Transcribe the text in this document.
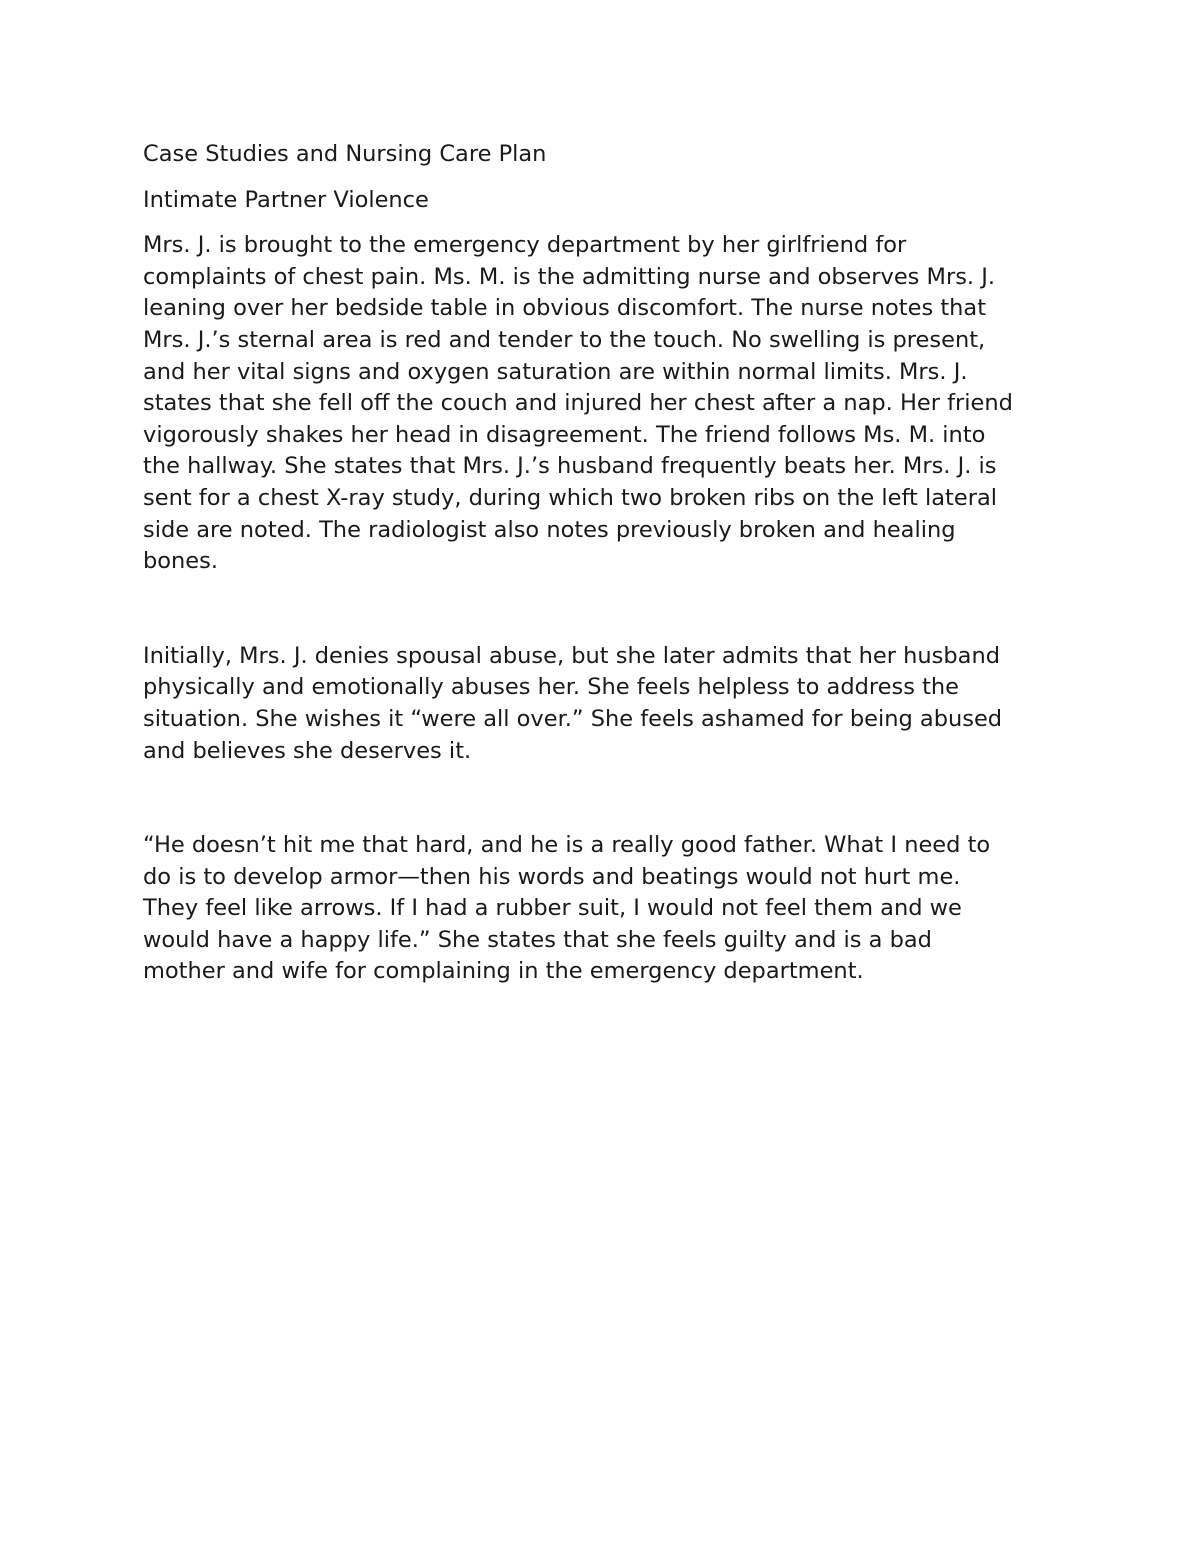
Case Studies and Nursing Care Plan
Intimate Partner Violence
Mrs. J. is brought to the emergency department by her girlfriend for
complaints of chest pain. Ms. M. is the admitting nurse and observes Mrs. J.
leaning over her bedside table in obvious discomfort. The nurse notes that
Mrs. J.’s sternal area is red and tender to the touch. No swelling is present,
and her vital signs and oxygen saturation are within normal limits. Mrs. J.
states that she fell off the couch and injured her chest after a nap. Her friend
vigorously shakes her head in disagreement. The friend follows Ms. M. into
the hallway. She states that Mrs. J.’s husband frequently beats her. Mrs. J. is
sent for a chest X-ray study, during which two broken ribs on the left lateral
side are noted. The radiologist also notes previously broken and healing
bones.
Initially, Mrs. J. denies spousal abuse, but she later admits that her husband
physically and emotionally abuses her. She feels helpless to address the
situation. She wishes it “were all over.” She feels ashamed for being abused
and believes she deserves it.
“He doesn’t hit me that hard, and he is a really good father. What I need to
do is to develop armor—then his words and beatings would not hurt me.
They feel like arrows. If I had a rubber suit, I would not feel them and we
would have a happy life.” She states that she feels guilty and is a bad
mother and wife for complaining in the emergency department.
